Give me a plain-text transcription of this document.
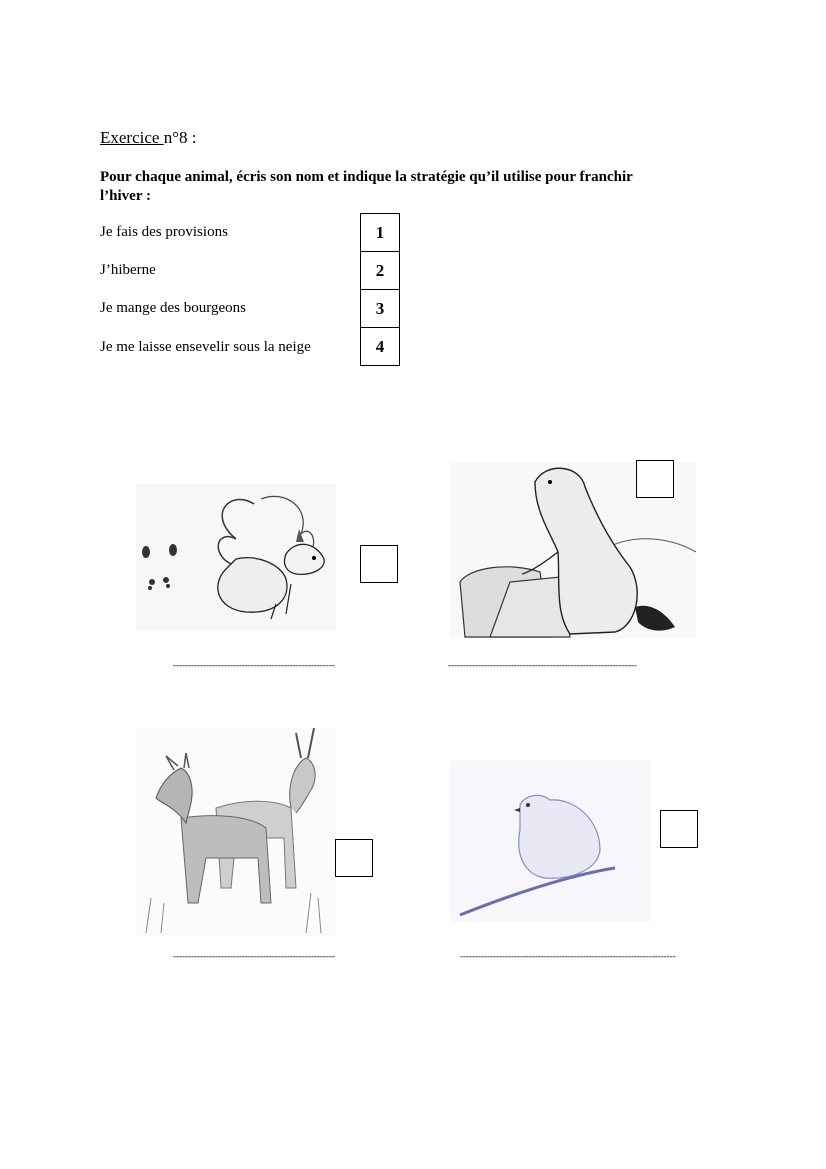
Exercice n°8 :
Pour chaque animal, écris son nom et indique la stratégie qu’il utilise pour franchir
l’hiver :
Je fais des provisions
J’hiberne
Je mange des bourgeons
Je me laisse ensevelir sous la neige
1
2
3
4
------------------------------------------------------	---------------------------------------------------------------
------------------------------------------------------	------------------------------------------------------------------------
